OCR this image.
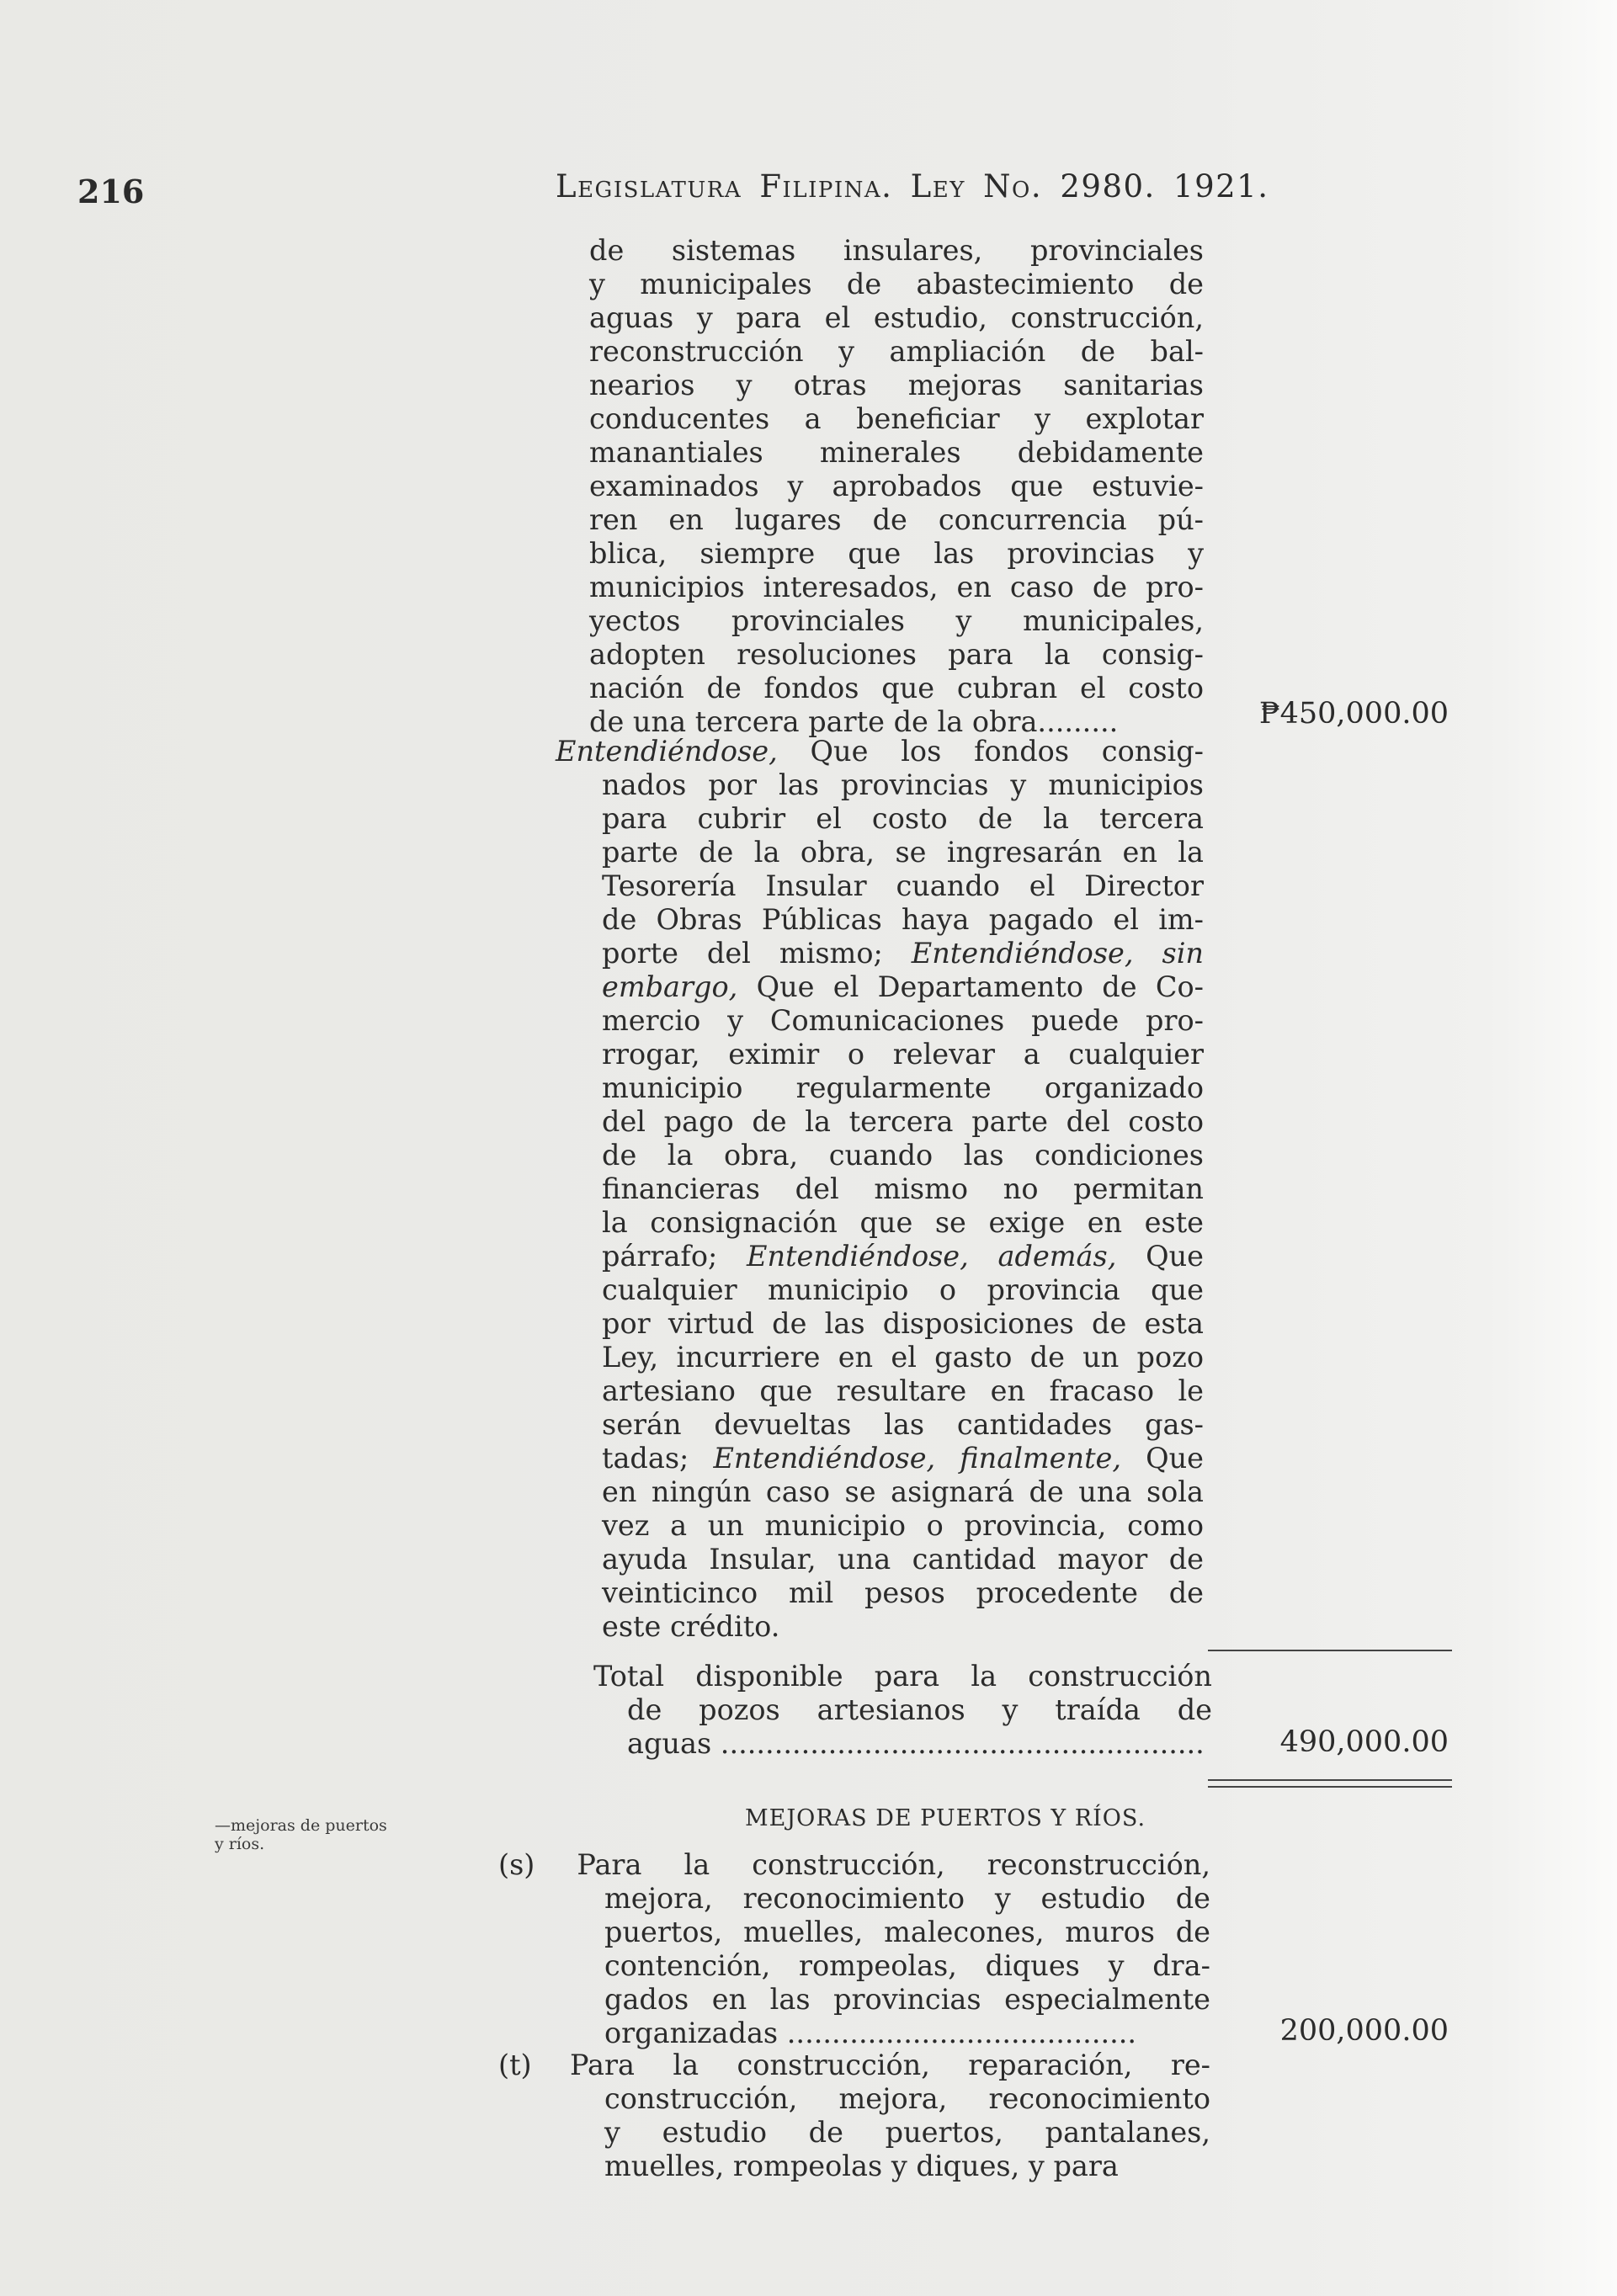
216	Legislatura Filipina. Ley No. 2980. 1921.
de sistemas insulares, provinciales
y municipales de abastecimiento de
aguas y para el estudio, construcción,
reconstrucción y ampliación de bal-
nearios y otras mejoras sanitarias
conducentes a beneficiar y explotar
manantiales minerales debidamente
examinados y aprobados que estuvie-
ren en lugares de concurrencia pú-
blica, siempre que las provincias y
municipios interesados, en caso de pro-
yectos provinciales y municipales,
adopten resoluciones para la consig-
nación de fondos que cubran el costo
de una tercera parte de la obra.........	₱450,000.00
Entendiéndose, Que los fondos consig-
nados por las provincias y municipios
para cubrir el costo de la tercera
parte de la obra, se ingresarán en la
Tesorería Insular cuando el Director
de Obras Públicas haya pagado el im-
porte del mismo; Entendiéndose, sin
embargo, Que el Departamento de Co-
mercio y Comunicaciones puede pro-
rrogar, eximir o relevar a cualquier
municipio regularmente organizado
del pago de la tercera parte del costo
de la obra, cuando las condiciones
financieras del mismo no permitan
la consignación que se exige en este
párrafo; Entendiéndose, además, Que
cualquier municipio o provincia que
por virtud de las disposiciones de esta
Ley, incurriere en el gasto de un pozo
artesiano que resultare en fracaso le
serán devueltas las cantidades gas-
tadas; Entendiéndose, finalmente, Que
en ningún caso se asignará de una sola
vez a un municipio o provincia, como
ayuda Insular, una cantidad mayor de
veinticinco mil pesos procedente de
este crédito.
Total disponible para la construcción
de pozos artesianos y traída de
aguas ......................................................	490,000.00
MEJORAS DE PUERTOS Y RÍOS.
—mejoras de puertos
y ríos.
(s) Para la construcción, reconstrucción,
mejora, reconocimiento y estudio de
puertos, muelles, malecones, muros de
contención, rompeolas, diques y dra-
gados en las provincias especialmente
organizadas .......................................	200,000.00
(t) Para la construcción, reparación, re-
construcción, mejora, reconocimiento
y estudio de puertos, pantalanes,
muelles, rompeolas y diques, y para
